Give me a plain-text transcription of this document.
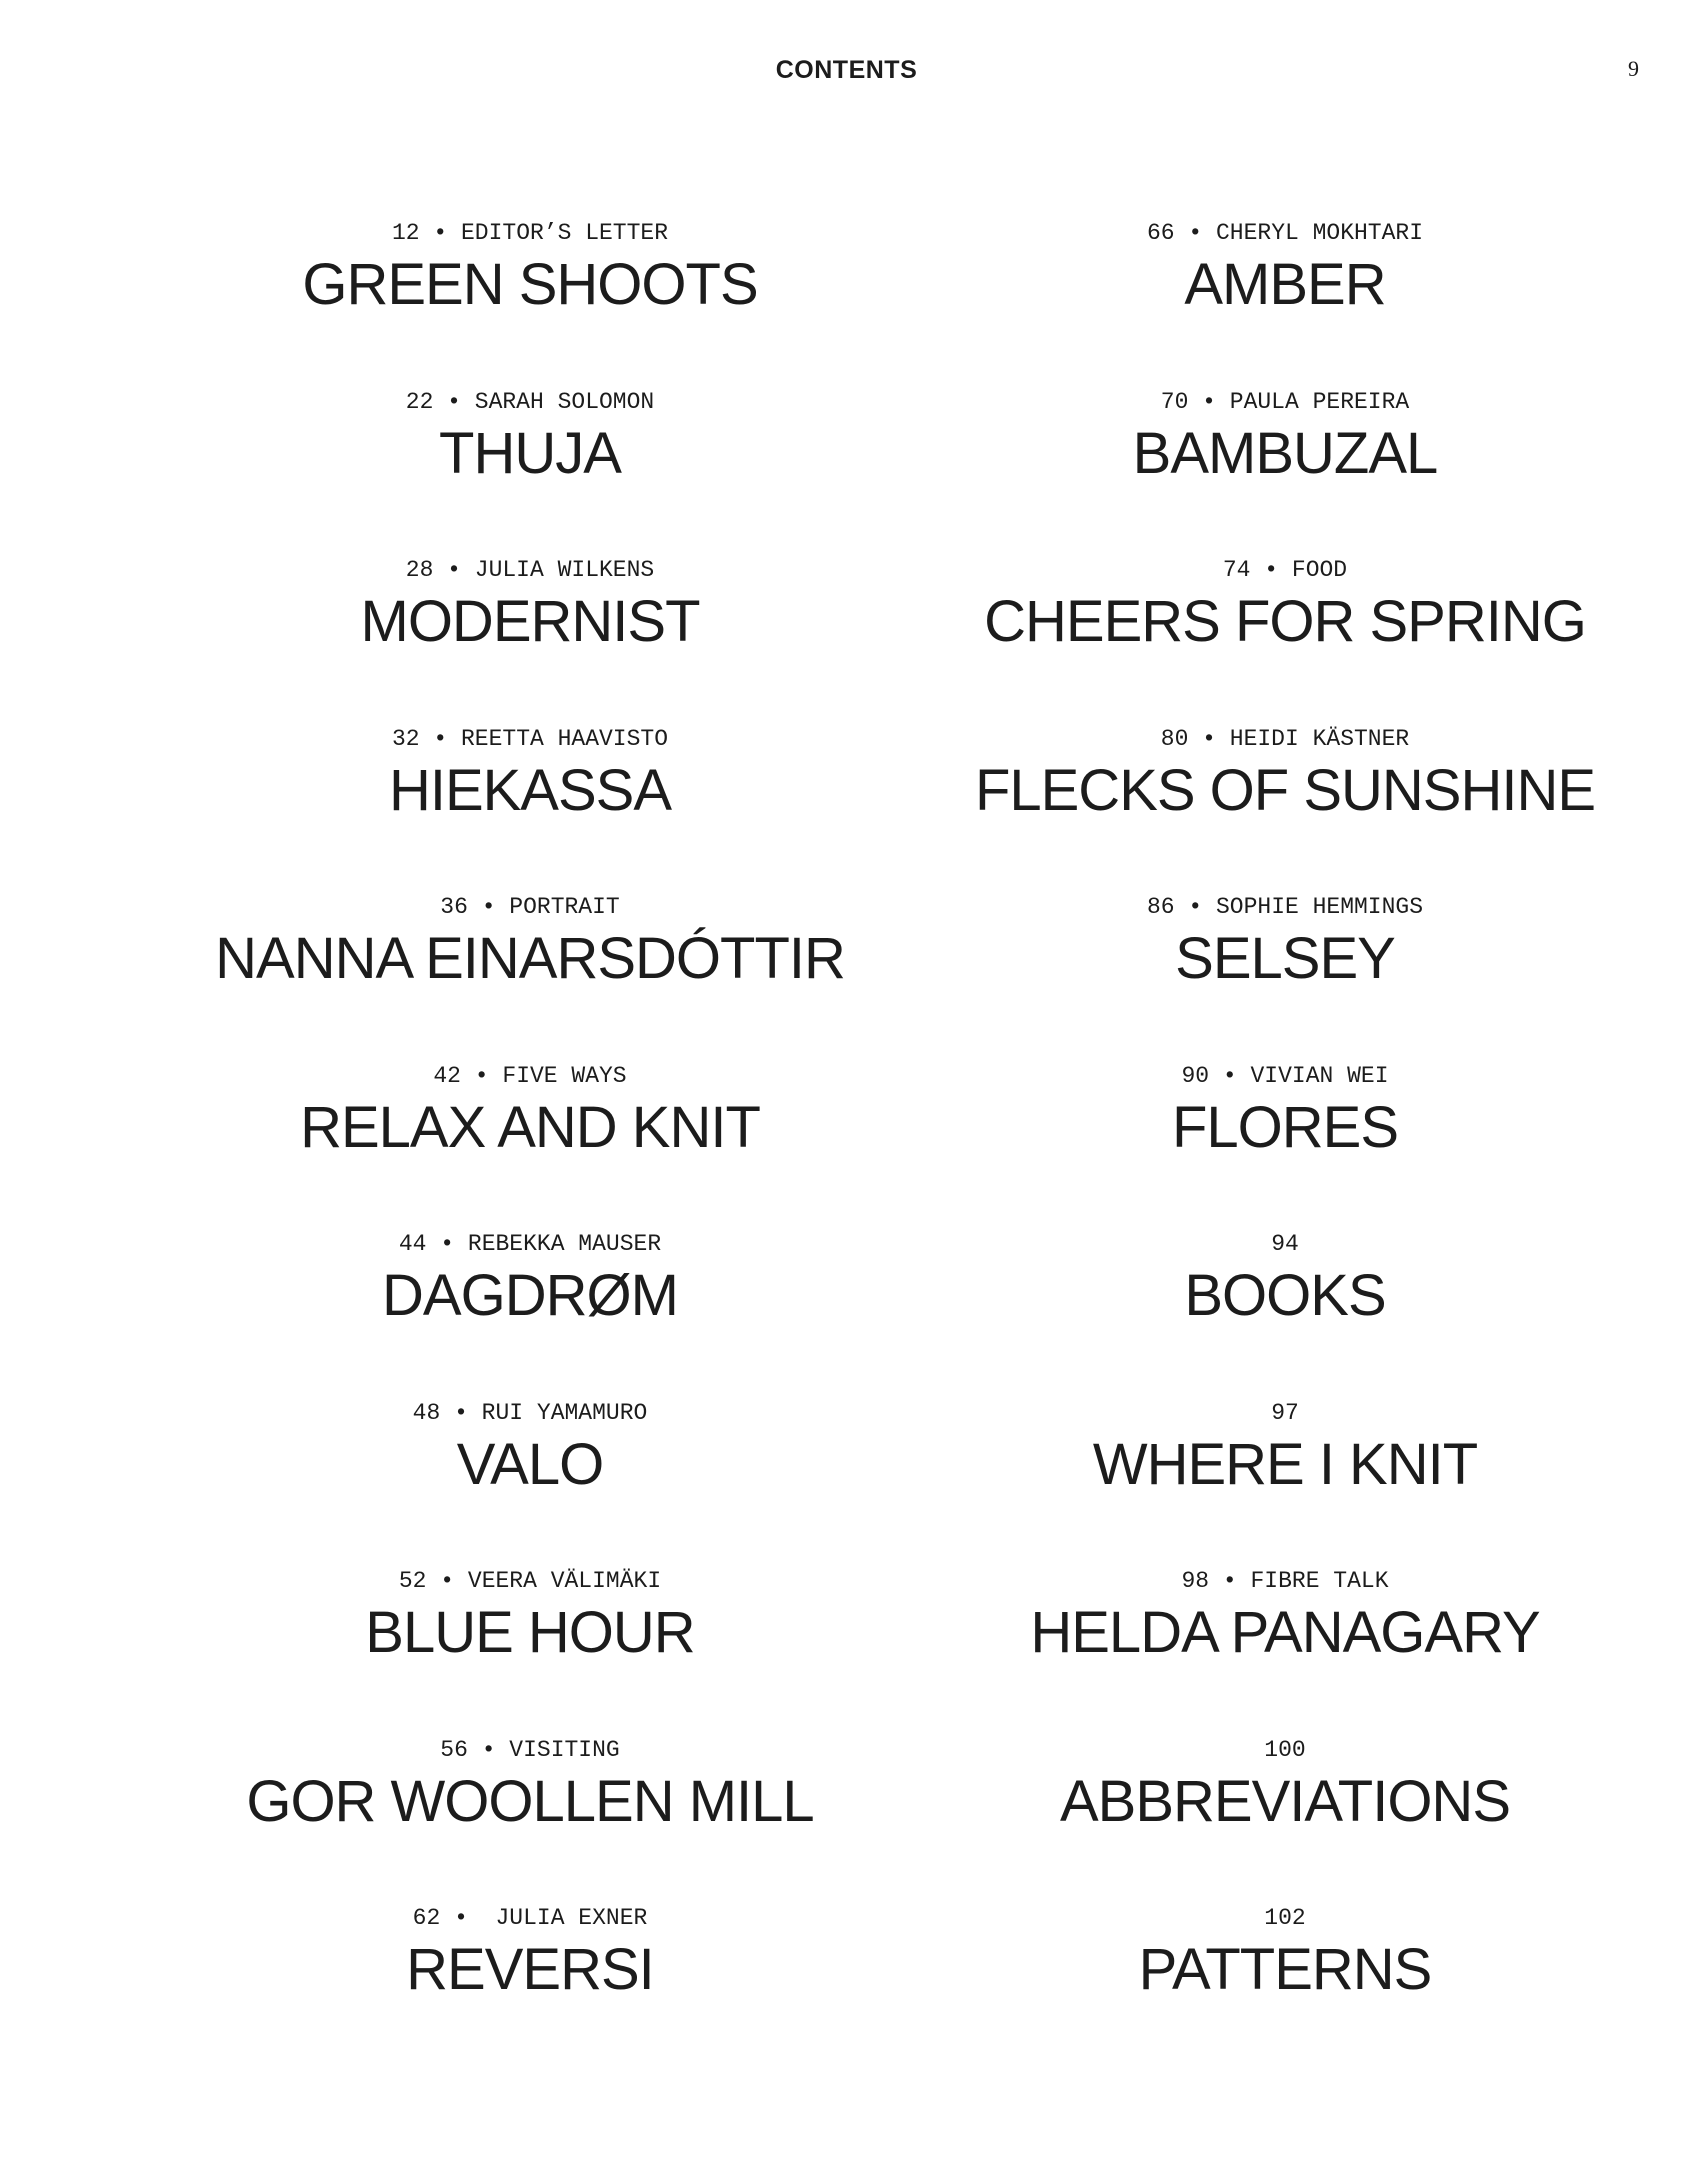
CONTENTS	9
12 • EDITOR’S LETTER
GREEN SHOOTS
22 • SARAH SOLOMON
THUJA
28 • JULIA WILKENS
MODERNIST
32 • REETTA HAAVISTO
HIEKASSA
36 • PORTRAIT
NANNA EINARSDÓTTIR
42 • FIVE WAYS
RELAX AND KNIT
44 • REBEKKA MAUSER
DAGDRØM
48 • RUI YAMAMURO
VALO
52 • VEERA VÄLIMÄKI
BLUE HOUR
56 • VISITING
GOR WOOLLEN MILL
62 •  JULIA EXNER
REVERSI
66 • CHERYL MOKHTARI
AMBER
70 • PAULA PEREIRA
BAMBUZAL
74 • FOOD
CHEERS FOR SPRING
80 • HEIDI KÄSTNER
FLECKS OF SUNSHINE
86 • SOPHIE HEMMINGS
SELSEY
90 • VIVIAN WEI
FLORES
94
BOOKS
97
WHERE I KNIT
98 • FIBRE TALK
HELDA PANAGARY
100
ABBREVIATIONS
102
PATTERNS
